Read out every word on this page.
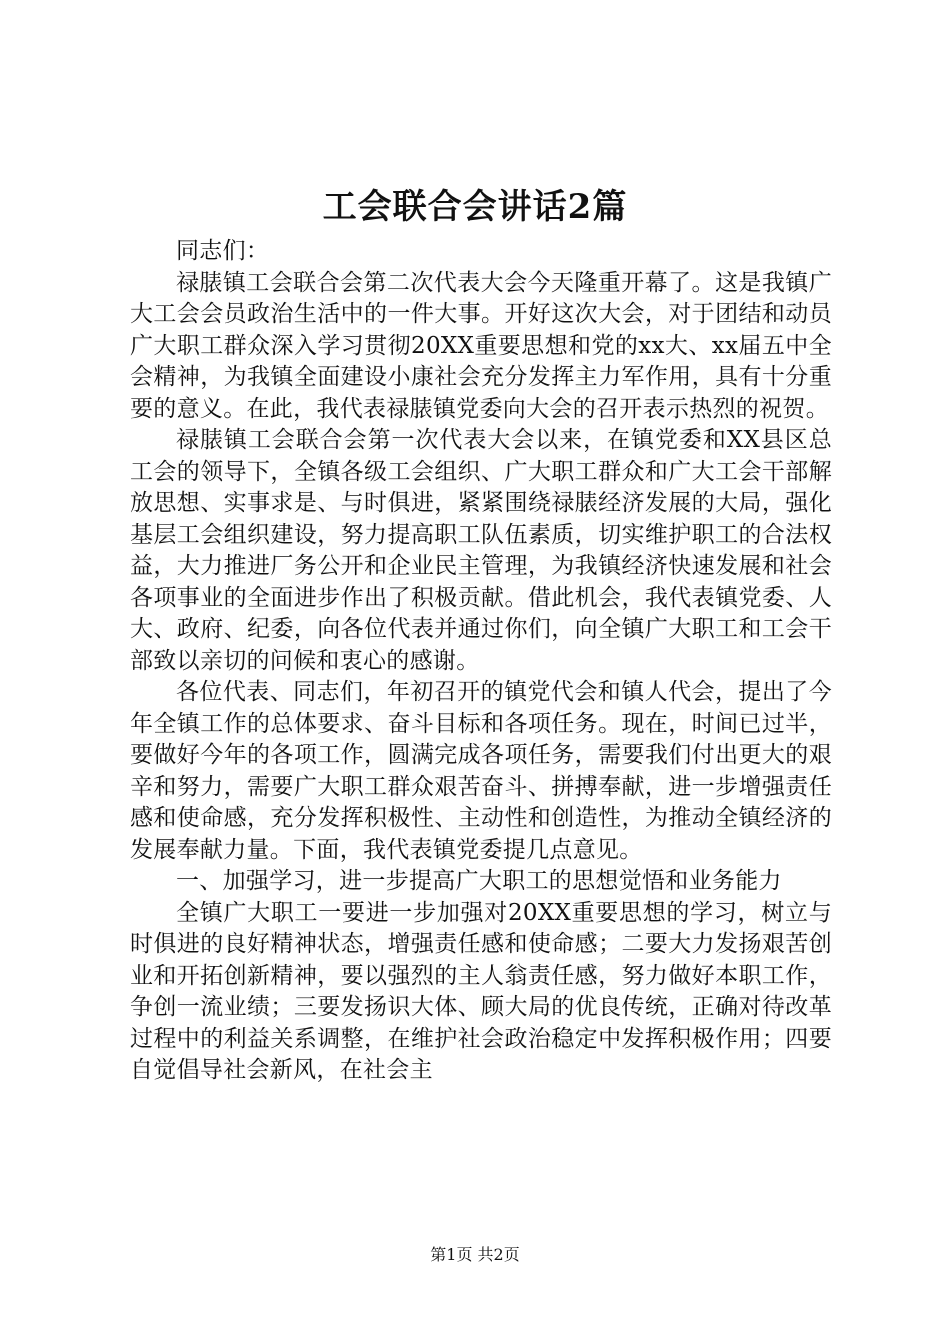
工会联合会讲话2篇

同志们：

禄脿镇工会联合会第二次代表大会今天隆重开幕了。这是我镇广大工会会员政治生活中的一件大事。开好这次大会，对于团结和动员广大职工群众深入学习贯彻20XX重要思想和党的xx大、xx届五中全会精神，为我镇全面建设小康社会充分发挥主力军作用，具有十分重要的意义。在此，我代表禄脿镇党委向大会的召开表示热烈的祝贺。

禄脿镇工会联合会第一次代表大会以来，在镇党委和XX县区总工会的领导下，全镇各级工会组织、广大职工群众和广大工会干部解放思想、实事求是、与时俱进，紧紧围绕禄脿经济发展的大局，强化基层工会组织建设，努力提高职工队伍素质，切实维护职工的合法权益，大力推进厂务公开和企业民主管理，为我镇经济快速发展和社会各项事业的全面进步作出了积极贡献。借此机会，我代表镇党委、人大、政府、纪委，向各位代表并通过你们，向全镇广大职工和工会干部致以亲切的问候和衷心的感谢。

各位代表、同志们，年初召开的镇党代会和镇人代会，提出了今年全镇工作的总体要求、奋斗目标和各项任务。现在，时间已过半，要做好今年的各项工作，圆满完成各项任务，需要我们付出更大的艰辛和努力，需要广大职工群众艰苦奋斗、拼搏奉献，进一步增强责任感和使命感，充分发挥积极性、主动性和创造性，为推动全镇经济的发展奉献力量。下面，我代表镇党委提几点意见。

一、加强学习，进一步提高广大职工的思想觉悟和业务能力

全镇广大职工一要进一步加强对20XX重要思想的学习，树立与时俱进的良好精神状态，增强责任感和使命感；二要大力发扬艰苦创业和开拓创新精神，要以强烈的主人翁责任感，努力做好本职工作，争创一流业绩；三要发扬识大体、顾大局的优良传统，正确对待改革过程中的利益关系调整，在维护社会政治稳定中发挥积极作用；四要自觉倡导社会新风，在社会主

第1页 共2页
